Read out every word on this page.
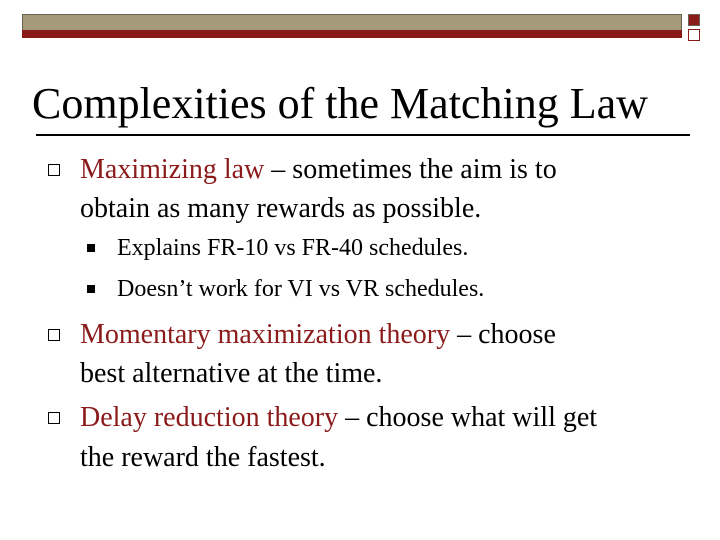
Complexities of the Matching Law
Maximizing law – sometimes the aim is to
obtain as many rewards as possible.
Explains FR-10 vs FR-40 schedules.
Doesn’t work for VI vs VR schedules.
Momentary maximization theory – choose
best alternative at the time.
Delay reduction theory – choose what will get
the reward the fastest.
